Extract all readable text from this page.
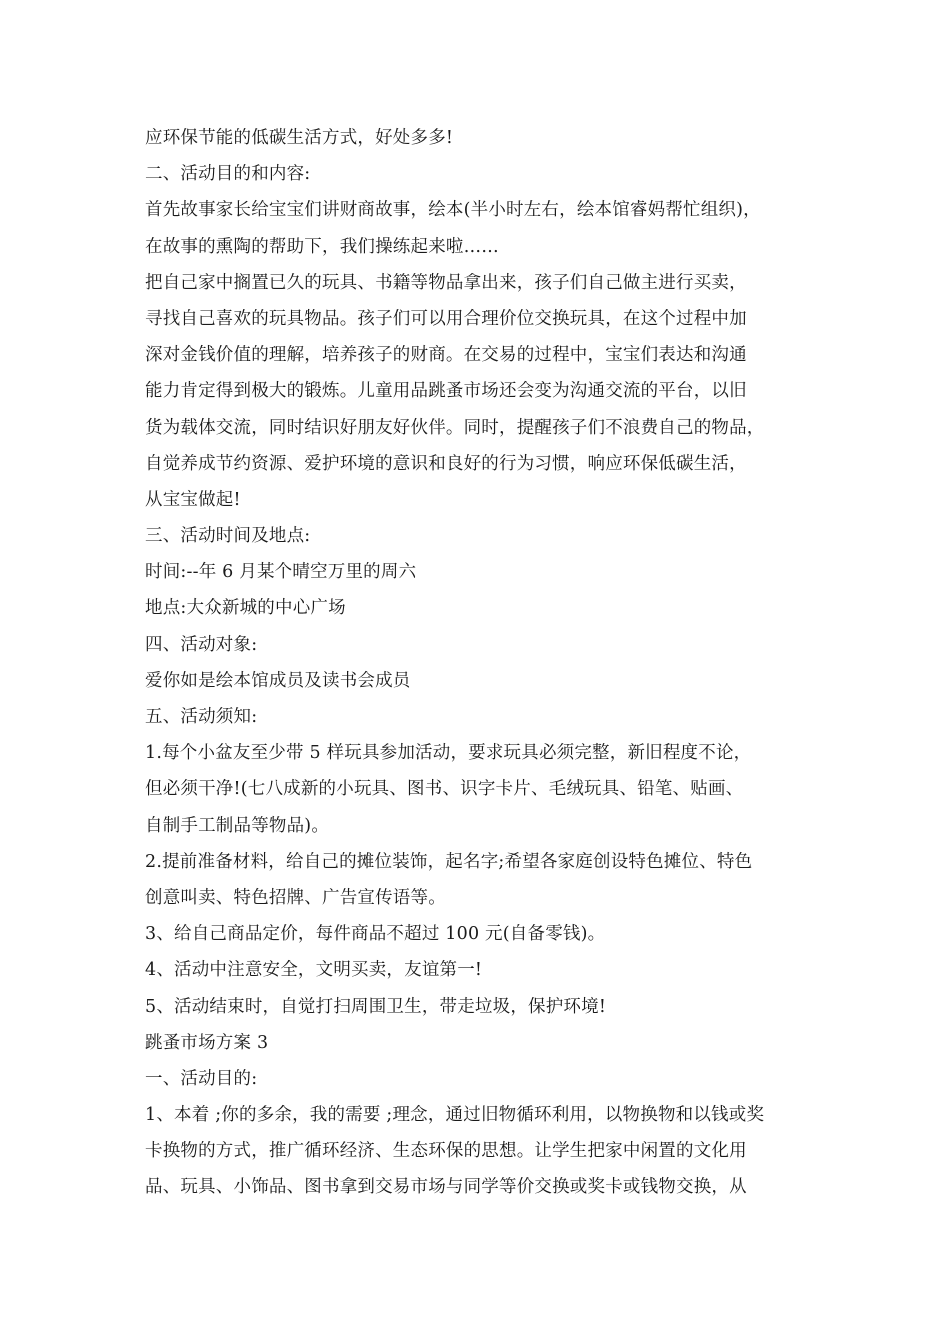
应环保节能的低碳生活方式，好处多多!
二、活动目的和内容:
首先故事家长给宝宝们讲财商故事，绘本(半小时左右，绘本馆睿妈帮忙组织)，
在故事的熏陶的帮助下，我们操练起来啦……
把自己家中搁置已久的玩具、书籍等物品拿出来，孩子们自己做主进行买卖，
寻找自己喜欢的玩具物品。孩子们可以用合理价位交换玩具，在这个过程中加
深对金钱价值的理解，培养孩子的财商。在交易的过程中，宝宝们表达和沟通
能力肯定得到极大的锻炼。儿童用品跳蚤市场还会变为沟通交流的平台，以旧
货为载体交流，同时结识好朋友好伙伴。同时，提醒孩子们不浪费自己的物品，
自觉养成节约资源、爱护环境的意识和良好的行为习惯，响应环保低碳生活，
从宝宝做起!
三、活动时间及地点:
时间:--年 6 月某个晴空万里的周六
地点:大众新城的中心广场
四、活动对象:
爱你如是绘本馆成员及读书会成员
五、活动须知:
1.每个小盆友至少带 5 样玩具参加活动，要求玩具必须完整，新旧程度不论，
但必须干净!(七八成新的小玩具、图书、识字卡片、毛绒玩具、铅笔、贴画、
自制手工制品等物品)。
2.提前准备材料，给自己的摊位装饰，起名字;希望各家庭创设特色摊位、特色
创意叫卖、特色招牌、广告宣传语等。
3、给自己商品定价，每件商品不超过 100 元(自备零钱)。
4、活动中注意安全，文明买卖，友谊第一!
5、活动结束时，自觉打扫周围卫生，带走垃圾，保护环境!
跳蚤市场方案 3
一、活动目的:
1、本着 ;你的多余，我的需要 ;理念，通过旧物循环利用，以物换物和以钱或奖
卡换物的方式，推广循环经济、生态环保的思想。让学生把家中闲置的文化用
品、玩具、小饰品、图书拿到交易市场与同学等价交换或奖卡或钱物交换，从
